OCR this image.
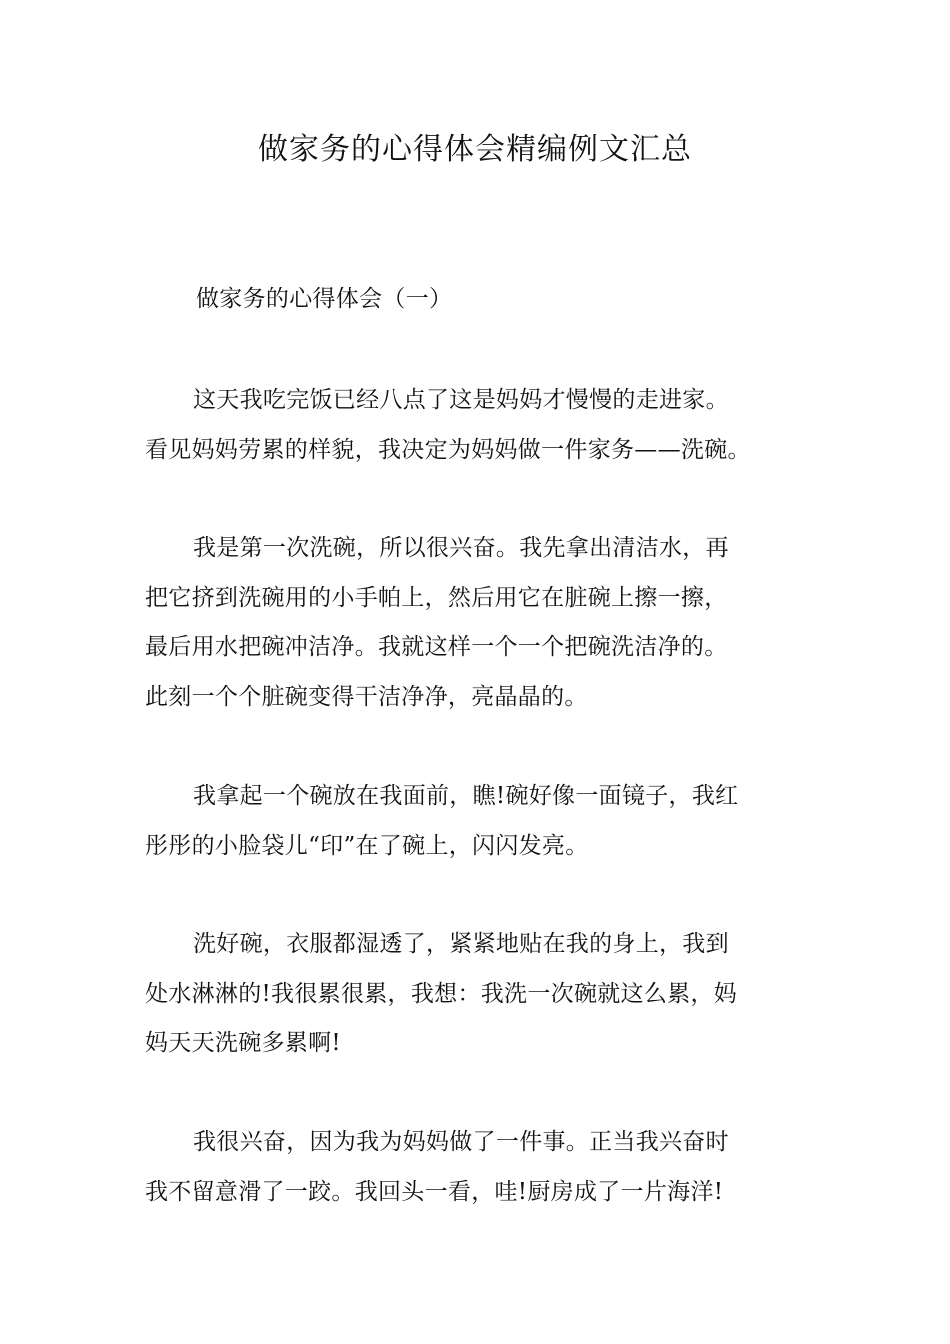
做家务的心得体会精编例文汇总
做家务的心得体会（一）

这天我吃完饭已经八点了这是妈妈才慢慢的走进家。
看见妈妈劳累的样貌，我决定为妈妈做一件家务——洗碗。

我是第一次洗碗，所以很兴奋。我先拿出清洁水，再
把它挤到洗碗用的小手帕上，然后用它在脏碗上擦一擦，
最后用水把碗冲洁净。我就这样一个一个把碗洗洁净的。
此刻一个个脏碗变得干洁净净，亮晶晶的。

我拿起一个碗放在我面前，瞧!碗好像一面镜子，我红
彤彤的小脸袋儿“印”在了碗上，闪闪发亮。

洗好碗，衣服都湿透了，紧紧地贴在我的身上，我到
处水淋淋的!我很累很累，我想：我洗一次碗就这么累，妈
妈天天洗碗多累啊!

我很兴奋，因为我为妈妈做了一件事。正当我兴奋时
我不留意滑了一跤。我回头一看，哇!厨房成了一片海洋!
